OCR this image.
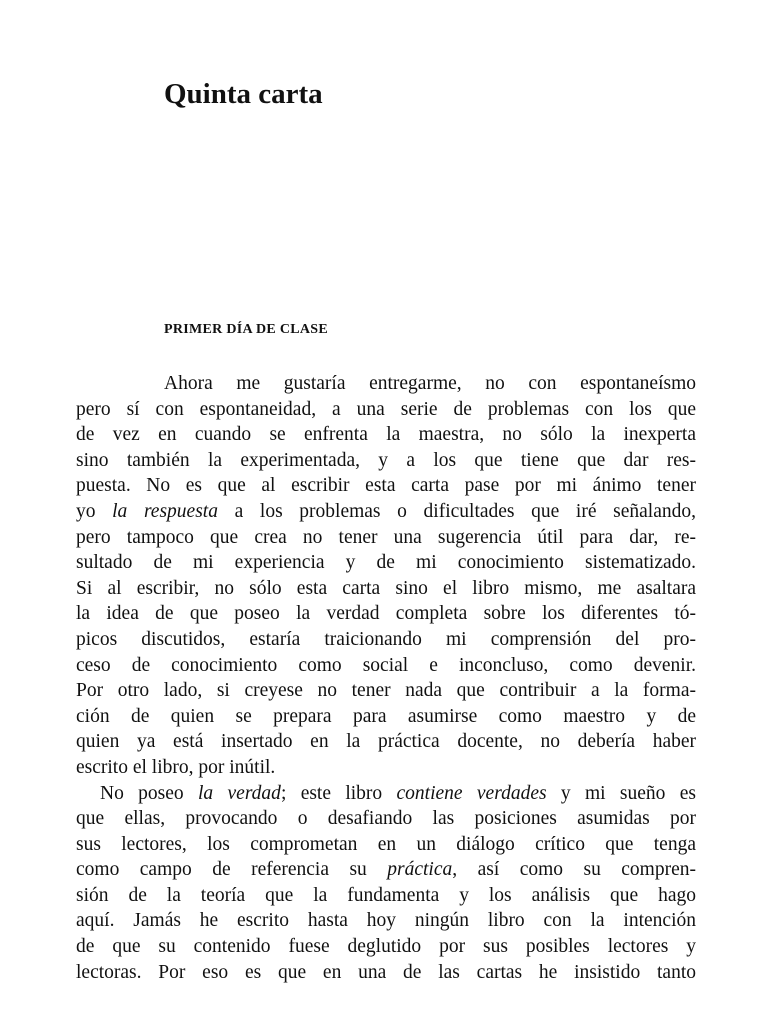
Quinta carta
PRIMER DÍA DE CLASE
Ahora me gustaría entregarme, no con espontaneísmo
pero sí con espontaneidad, a una serie de problemas con los que
de vez en cuando se enfrenta la maestra, no sólo la inexperta
sino también la experimentada, y a los que tiene que dar res-
puesta. No es que al escribir esta carta pase por mi ánimo tener
yo la respuesta a los problemas o dificultades que iré señalando,
pero tampoco que crea no tener una sugerencia útil para dar, re-
sultado de mi experiencia y de mi conocimiento sistematizado.
Si al escribir, no sólo esta carta sino el libro mismo, me asaltara
la idea de que poseo la verdad completa sobre los diferentes tó-
picos discutidos, estaría traicionando mi comprensión del pro-
ceso de conocimiento como social e inconcluso, como devenir.
Por otro lado, si creyese no tener nada que contribuir a la forma-
ción de quien se prepara para asumirse como maestro y de
quien ya está insertado en la práctica docente, no debería haber
escrito el libro, por inútil.
No poseo la verdad; este libro contiene verdades y mi sueño es
que ellas, provocando o desafiando las posiciones asumidas por
sus lectores, los comprometan en un diálogo crítico que tenga
como campo de referencia su práctica, así como su compren-
sión de la teoría que la fundamenta y los análisis que hago
aquí. Jamás he escrito hasta hoy ningún libro con la intención
de que su contenido fuese deglutido por sus posibles lectores y
lectoras. Por eso es que en una de las cartas he insistido tanto
